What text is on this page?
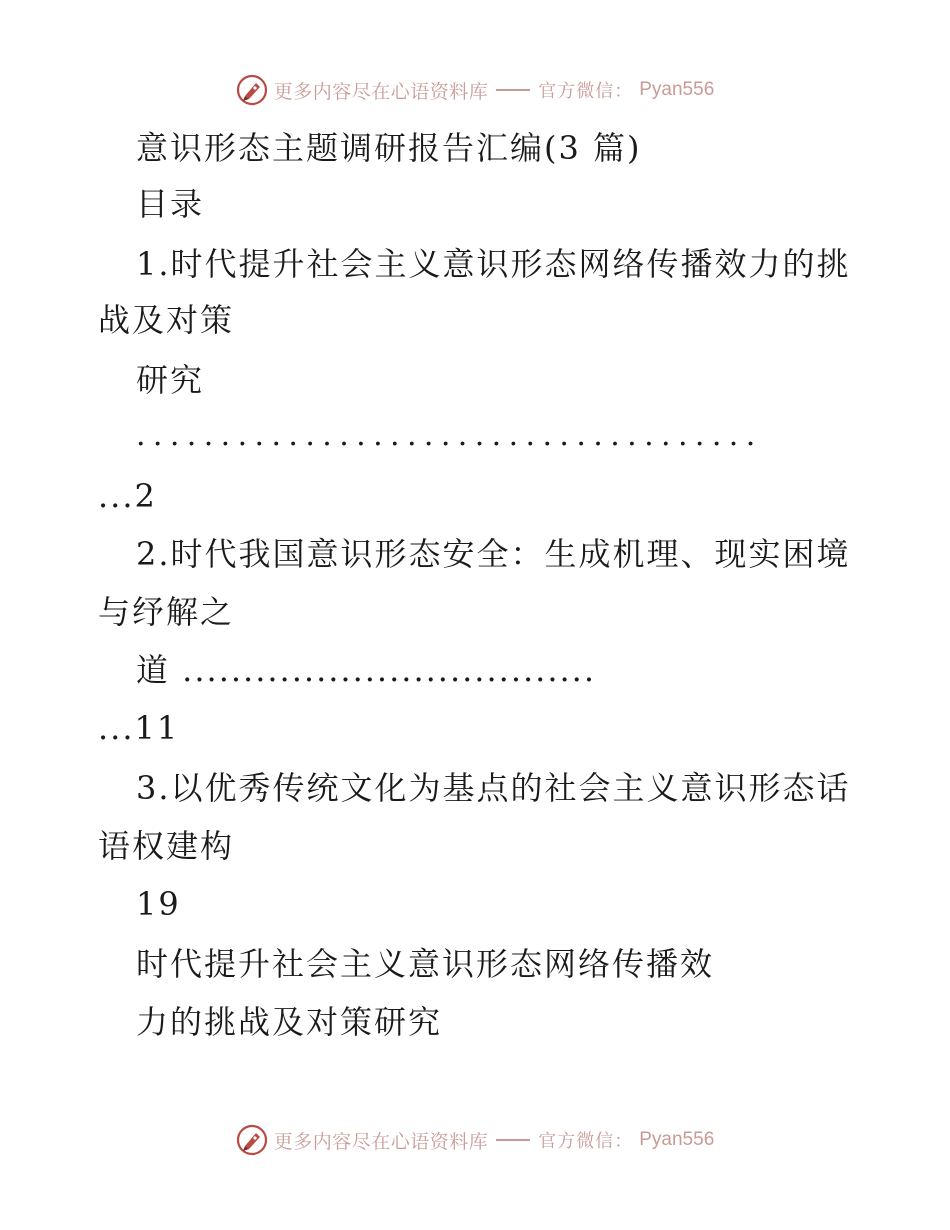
更多内容尽在心语资料库	官方微信： Pyan556
意识形态主题调研报告汇编(3 篇)
目录
1.时代提升社会主义意识形态网络传播效力的挑
战及对策
研究
.....................................
...2
2.时代我国意识形态安全：生成机理、现实困境
与纾解之
道 ..................................
...11
3.以优秀传统文化为基点的社会主义意识形态话
语权建构
19
时代提升社会主义意识形态网络传播效
力的挑战及对策研究
更多内容尽在心语资料库	官方微信： Pyan556
